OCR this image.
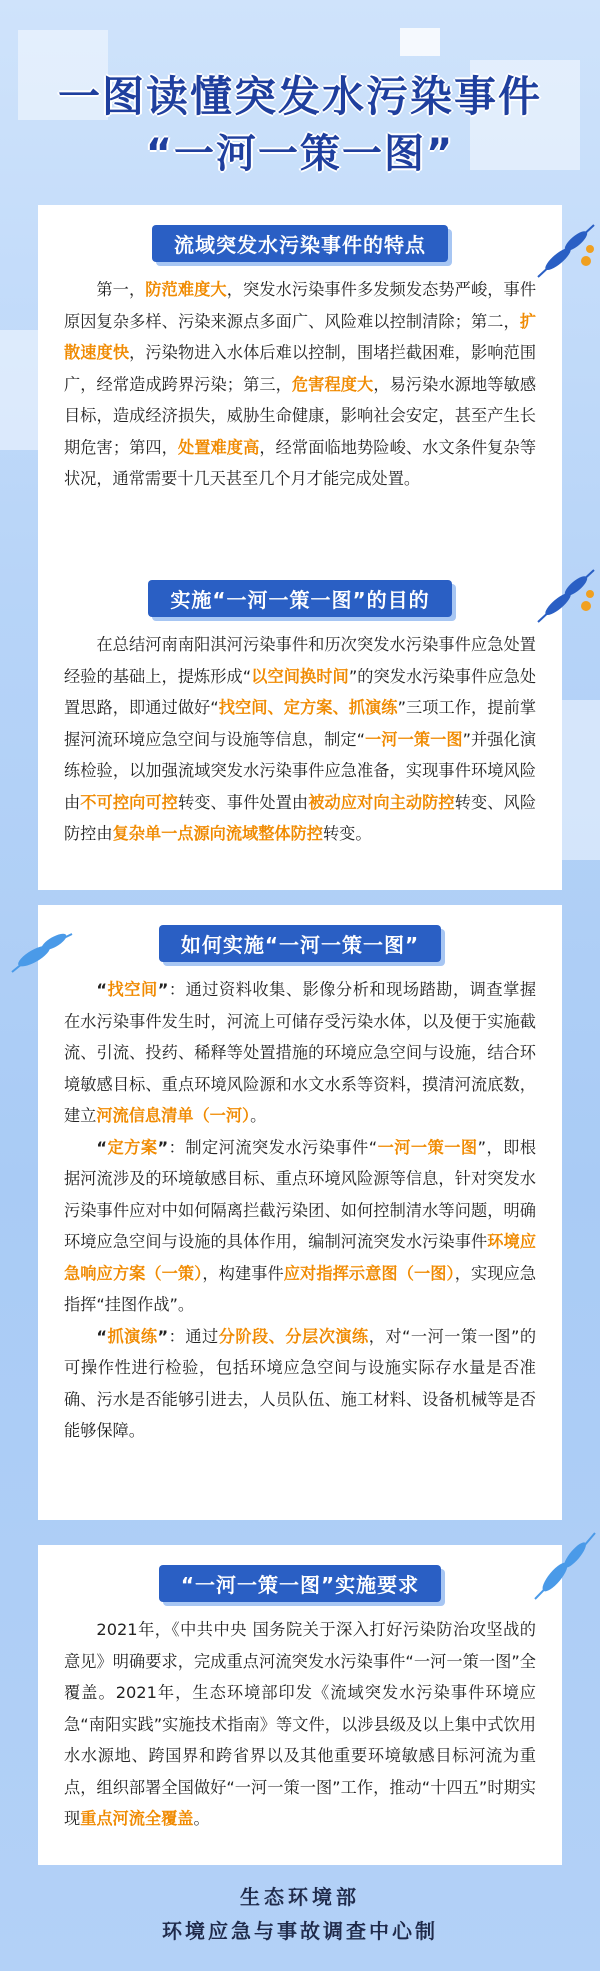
一图读懂突发水污染事件
“一河一策一图”
流域突发水污染事件的特点

第一，防范难度大，突发水污染事件多发频发态势严峻，事件原因复杂多样、污染来源点多面广、风险难以控制清除；第二，扩散速度快，污染物进入水体后难以控制，围堵拦截困难，影响范围广，经常造成跨界污染；第三，危害程度大，易污染水源地等敏感目标，造成经济损失，威胁生命健康，影响社会安定，甚至产生长期危害；第四，处置难度高，经常面临地势险峻、水文条件复杂等状况，通常需要十几天甚至几个月才能完成处置。

实施“一河一策一图”的目的

在总结河南南阳淇河污染事件和历次突发水污染事件应急处置经验的基础上，提炼形成“以空间换时间”的突发水污染事件应急处置思路，即通过做好“找空间、定方案、抓演练”三项工作，提前掌握河流环境应急空间与设施等信息，制定“一河一策一图”并强化演练检验，以加强流域突发水污染事件应急准备，实现事件环境风险由不可控向可控转变、事件处置由被动应对向主动防控转变、风险防控由复杂单一点源向流域整体防控转变。

如何实施“一河一策一图”

“找空间”：通过资料收集、影像分析和现场踏勘，调查掌握在水污染事件发生时，河流上可储存受污染水体，以及便于实施截流、引流、投药、稀释等处置措施的环境应急空间与设施，结合环境敏感目标、重点环境风险源和水文水系等资料，摸清河流底数，建立河流信息清单（一河）。

“定方案”：制定河流突发水污染事件“一河一策一图”，即根据河流涉及的环境敏感目标、重点环境风险源等信息，针对突发水污染事件应对中如何隔离拦截污染团、如何控制清水等问题，明确环境应急空间与设施的具体作用，编制河流突发水污染事件环境应急响应方案（一策），构建事件应对指挥示意图（一图），实现应急指挥“挂图作战”。

“抓演练”：通过分阶段、分层次演练，对“一河一策一图”的可操作性进行检验，包括环境应急空间与设施实际存水量是否准确、污水是否能够引进去，人员队伍、施工材料、设备机械等是否能够保障。

“一河一策一图”实施要求

2021年，《中共中央 国务院关于深入打好污染防治攻坚战的意见》明确要求，完成重点河流突发水污染事件“一河一策一图”全覆盖。2021年，生态环境部印发《流域突发水污染事件环境应急“南阳实践”实施技术指南》等文件，以涉县级及以上集中式饮用水水源地、跨国界和跨省界以及其他重要环境敏感目标河流为重点，组织部署全国做好“一河一策一图”工作，推动“十四五”时期实现重点河流全覆盖。

生态环境部
环境应急与事故调查中心制
